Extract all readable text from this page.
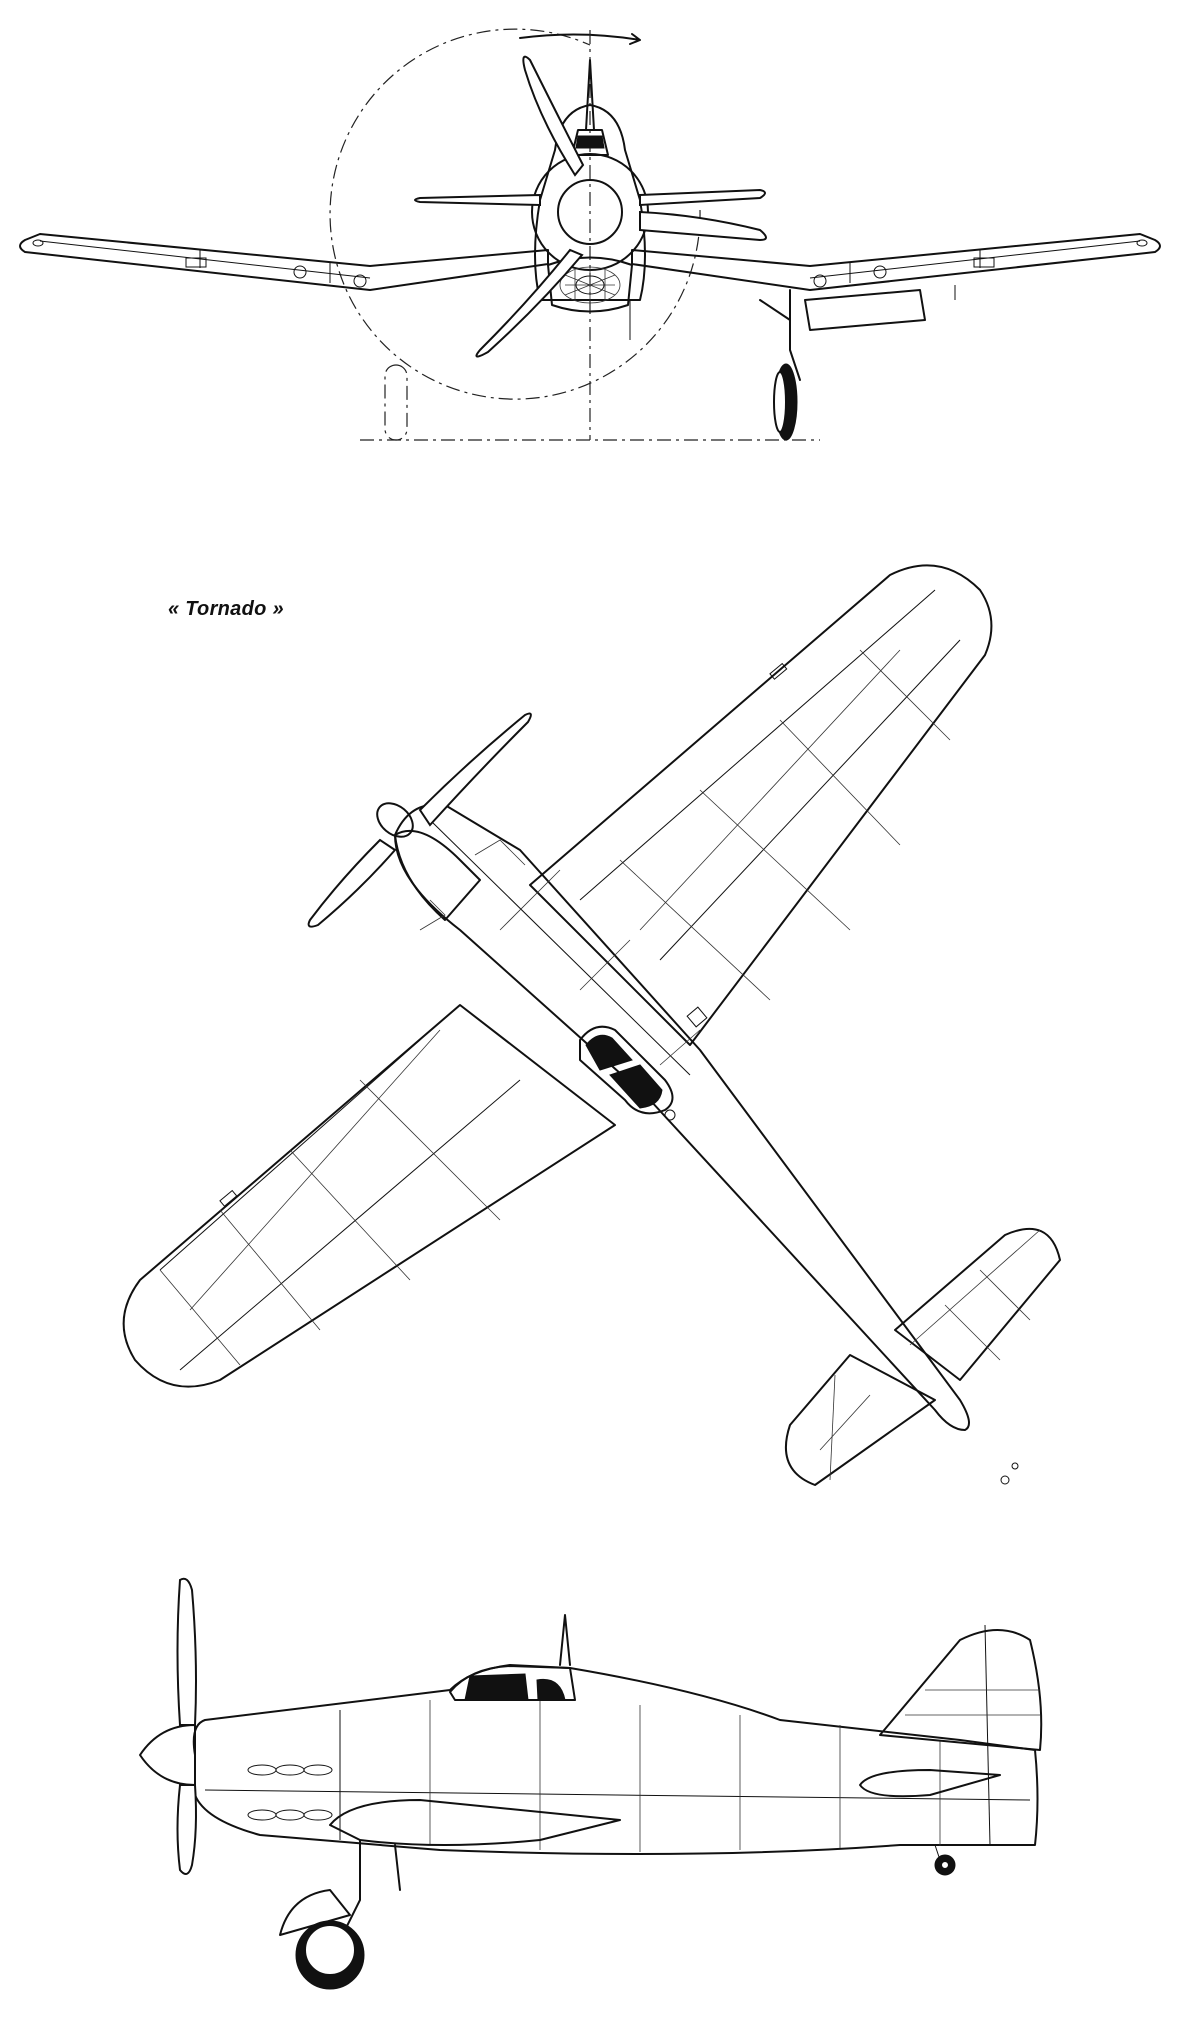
« Tornado »
